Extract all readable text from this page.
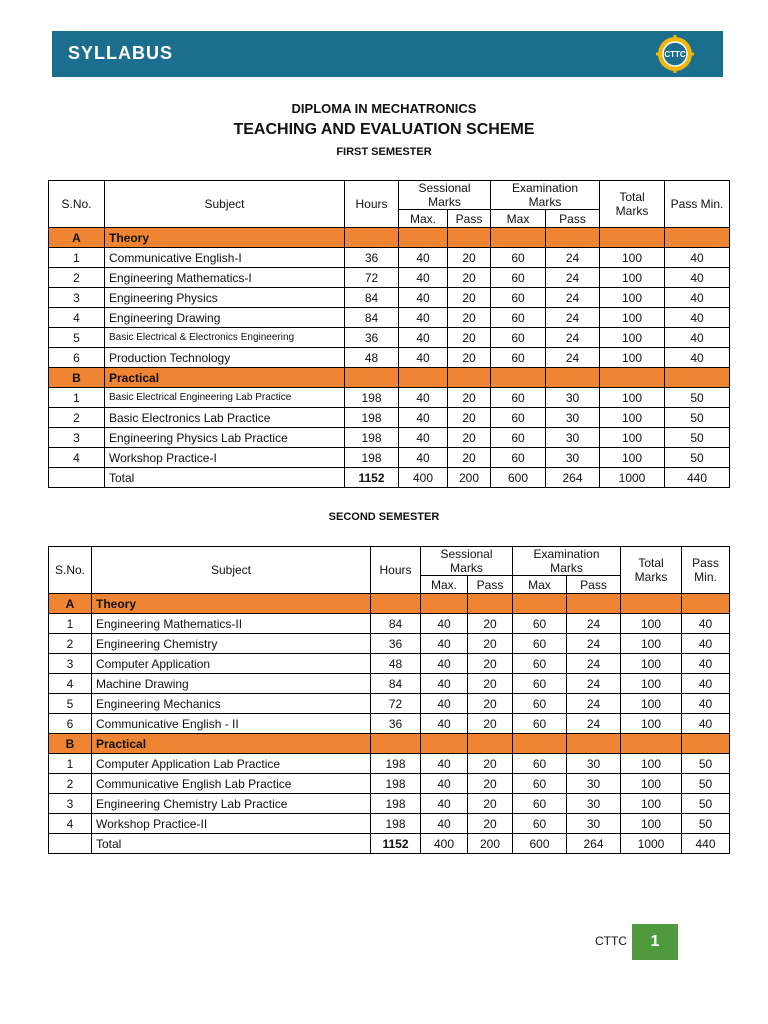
SYLLABUS	CTTC
DIPLOMA IN MECHATRONICS
TEACHING AND EVALUATION SCHEME
FIRST SEMESTER
SECOND SEMESTER
S.No.	Subject	Hours	Sessional Marks		Examination Marks		Total Marks	Pass Min.
			Max.	Pass	Max	Pass		
A	Theory							
1	Communicative English-I	36	40	20	60	24	100	40
2	Engineering Mathematics-I	72	40	20	60	24	100	40
3	Engineering Physics	84	40	20	60	24	100	40
4	Engineering Drawing	84	40	20	60	24	100	40
5	Basic Electrical & Electronics Engineering	36	40	20	60	24	100	40
6	Production Technology	48	40	20	60	24	100	40
B	Practical							
1	Basic Electrical Engineering Lab Practice	198	40	20	60	30	100	50
2	Basic Electronics Lab Practice	198	40	20	60	30	100	50
3	Engineering Physics Lab Practice	198	40	20	60	30	100	50
4	Workshop Practice-I	198	40	20	60	30	100	50
	Total	1152	400	200	600	264	1000	440
S.No.	Subject	Hours	Sessional Marks		Examination Marks		Total Marks	Pass Min.
			Max.	Pass	Max	Pass		
A	Theory							
1	Engineering Mathematics-II	84	40	20	60	24	100	40
2	Engineering Chemistry	36	40	20	60	24	100	40
3	Computer Application	48	40	20	60	24	100	40
4	Machine Drawing	84	40	20	60	24	100	40
5	Engineering Mechanics	72	40	20	60	24	100	40
6	Communicative English - II	36	40	20	60	24	100	40
B	Practical							
1	Computer Application Lab Practice	198	40	20	60	30	100	50
2	Communicative English Lab Practice	198	40	20	60	30	100	50
3	Engineering Chemistry Lab Practice	198	40	20	60	30	100	50
4	Workshop Practice-II	198	40	20	60	30	100	50
	Total	1152	400	200	600	264	1000	440
CTTC	1
